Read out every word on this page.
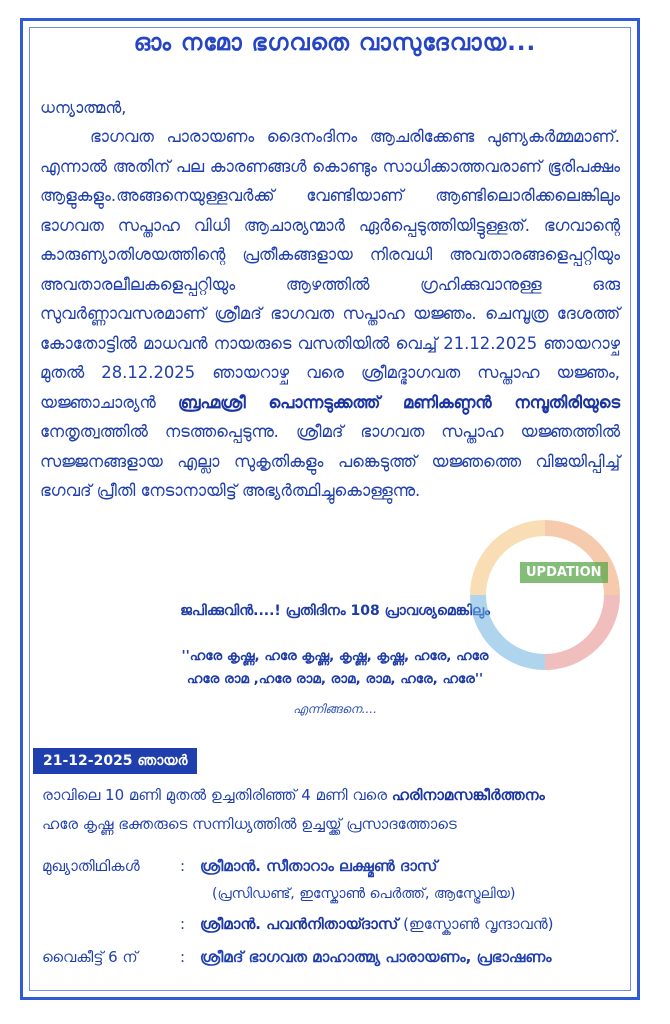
ഓം നമോ ഭഗവതെ വാസുദേവായ...
ധന്യാത്മൻ,
ഭാഗവത പാരായണം ദൈനംദിനം ആചരിക്കേണ്ട പുണ്യകർമ്മമാണ്. എന്നാൽ അതിന് പല കാരണങ്ങൾ കൊണ്ടും സാധിക്കാത്തവരാണ് ഭൂരിപക്ഷം ആളുകളും.അങ്ങനെയുള്ളവർക്ക് വേണ്ടിയാണ് ആണ്ടിലൊരിക്കലെങ്കിലും ഭാഗവത സപ്താഹ വിധി ആചാര്യന്മാർ ഏർപ്പെടുത്തിയിട്ടുള്ളത്. ഭഗവാന്റെ കാരുണ്യാതിശയത്തിന്റെ പ്രതീകങ്ങളായ നിരവധി അവതാരങ്ങളെപ്പറ്റിയും അവതാരലീലകളെപ്പറ്റിയും ആഴത്തിൽ ഗ്രഹിക്കുവാനുള്ള ഒരു സുവർണ്ണാവസരമാണ് ശ്രീമദ് ഭാഗവത സപ്താഹ യജ്ഞം. ചെമ്പൂത്ര ദേശത്ത് കോതോട്ടിൽ മാധവൻ നായരുടെ വസതിയിൽ വെച്ച് 21.12.2025 ഞായറാഴ്ച മുതൽ 28.12.2025 ഞായറാഴ്ച വരെ ശ്രീമദ്ഭാഗവത സപ്താഹ യജ്ഞം, യജ്ഞാചാര്യൻ ബ്രഹ്മശ്രീ പൊന്നടുക്കത്ത് മണികണ്ഠൻ നമ്പൂതിരിയുടെ നേതൃത്വത്തിൽ നടത്തപ്പെടുന്നു. ശ്രീമദ് ഭാഗവത സപ്താഹ യജ്ഞത്തിൽ സജ്ജനങ്ങളായ എല്ലാ സുകൃതികളും പങ്കെടുത്ത് യജ്ഞത്തെ വിജയിപ്പിച്ച് ഭഗവദ് പ്രീതി നേടാനായിട്ട് അഭ്യർത്ഥിച്ചുകൊള്ളുന്നു.
ജപിക്കുവിൻ....! പ്രതിദിനം 108 പ്രാവശ്യമെങ്കിലും
''ഹരേ കൃഷ്ണ, ഹരേ കൃഷ്ണ, കൃഷ്ണ, കൃഷ്ണ, ഹരേ, ഹരേ
ഹരേ രാമ ,ഹരേ രാമ, രാമ, രാമ, ഹരേ, ഹരേ''
എന്നിങ്ങനെ....
21-12-2025 ഞായർ
രാവിലെ 10 മണി മുതൽ ഉച്ചതിരിഞ്ഞ് 4 മണി വരെ ഹരിനാമസങ്കീർത്തനം
ഹരേ കൃഷ്ണ ഭക്തരുടെ സന്നിധ്യത്തിൽ ഉച്ചയ്ക്ക് പ്രസാദത്തോടെ
മുഖ്യാതിഥികൾ	: ശ്രീമാൻ. സീതാറാം ലക്ഷ്മൺ ദാസ്
(പ്രസിഡണ്ട്, ഇസ്കോൺ പെർത്ത്, ആസ്ട്രേലിയ)
: ശ്രീമാൻ. പവൻനിതായ്ദാസ് (ഇസ്കോൺ വൃന്ദാവൻ)
വൈകീട്ട് 6 ന്	: ശ്രീമദ് ഭാഗവത മാഹാത്മ്യ പാരായണം, പ്രഭാഷണം
UPDATION
